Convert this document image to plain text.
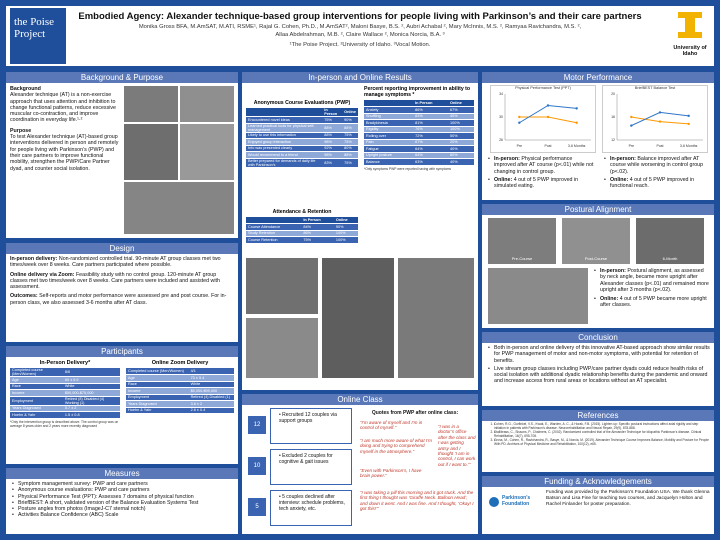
the Poise Project
Embodied Agency: Alexander technique-based group interventions for people living with Parkinson’s and their care partners
Monika Gross BFA, M.AmSAT, M.ATI, RSME¹, Rajal G. Cohen, Ph.D., M.AmSAT², Maloni Basye, B.S. ², Aubri Achabal ², Mary McInnis, M.S. ², Ramyaa Ravichandra, M.S. ²,
Allaa Abdelrahman, M.B. ², Claire Wallace ², Monica Norcia, B.A. ³
¹The Poise Project. ²University of Idaho. ³Vocal Motion.	University of Idaho
Background & Purpose
Background
Alexander technique (AT) is a non-exercise approach that uses attention and inhibition to change functional patterns, reduce excessive muscular co-contraction, and improve coordination in everyday life.¹·²
Purpose
To test Alexander technique (AT)-based group interventions delivered in person and remotely for people living with Parkinson’s (PWP) and their care partners to improve functional mobility, strengthen the PWP/Care Partner dyad, and counter social isolation.
Design

In-person delivery: Non-randomized controlled trial. 90-minute AT group classes met two times/week over 8 weeks. Care partners participated where possible.

Online delivery via Zoom: Feasibility study with no control group. 120-minute AT group classes met two times/week over 8 weeks. Care partners were included and assisted with assessment.

Outcomes: Self-reports and motor performance were assessed pre and post course. For in-person class, we also assessed 3-6 months after AT class.

Participants
In-Person Delivery*
Completed course (Men/Women)	8/6
Age	69 ± 5.9
Race	White
Income	$50,000-$75,000
Employment	Retired (8) Disabled (4) Working (1)
Years Diagnosed	5.7 ± 2
Hoehn & Yahr	1.5 ± 0.8
*Only the intervention group is described above. The control group was on average 8 years older and 2 years more recently diagnosed
Online Zoom Delivery
Completed course (Men/Women)	4/1
Age	73 ± 5.4
Race	White
Income	$5,000-$99,000
Employment	Retired (4) Disabled (1)
Years Diagnosed	3.6 ± 2
Hoehn & Yahr	2.6 ± 0.4
Measures
• Symptom management survey: PWP and care partners
• Anonymous course evaluations: PWP and care partners
• Physical Performance Test (PPT): Assesses 7 domains of physical function
• BriefBEST: A short, validated version of the Balance Evaluation Systems Test
• Posture angles from photos (ImageJ-C7 sternal notch)
• Activities Balance Confidence (ABC) Scale
In-person and Online Results
Anonymous Course Evaluations (PWP)
	In Person	Online
Encountered novel ideas	75%	90%
Learned practical tools for physical self-management	88%	88%
Likely to use this information	88%	75%
Enjoyed group interaction	98%	75%
Info was presented clearly	92%	80%
Would recommend to a friend	98%	88%
Better prepared for demands of daily life with Parkinson’s	83%	75%
Attendance & Retention
	In Person	Online
Course Attendance	84%	90%
Study Retention	86%	100%
Course Retention	75%	100%
Percent reporting improvement in ability to manage symptoms *
	In Person	Online
Anxiety	86%	67%
Shuffling	83%	40%
Bradykinesia	81%	100%
Rigidity	76%	100%
Rolling over	72%	50%
Pain	67%	20%
Fatigue	64%	40%
Upright posture	64%	80%
Balance	63%	40%
*Only symptoms PWP were reported having with symptoms
Online Class
12
• Recruited 12 couples via support groups
10
• Excluded 2 couples for cognitive & gait issues
5
• 5 couples declined after interview: schedule problems, tech anxiety, etc.
Quotes from PWP after online class:
“I’m aware of myself and I’m in control of myself.”
“I am much more aware of what I’m doing and trying to comprehend myself in the atmosphere.”
“Even with Parkinson’s, I have brain power.”
“I was taking a pill this morning and it got stuck. And the first thing I thought was ‘Giraffe Neck. Balloon Head’, and down it went. And I was fine. And I thought, ‘Okay! I got this!’”
“I was in a doctor’s office after the class and I was getting antsy and I thought ‘I am in control, I can work out if I want to.’”
Motor Performance
Physical Performance Test (PPT)
Pre	Post	3-6 Months
26
30
34
BriefBEST Balance Test
Pre	Post	3-6 Months
12
16
20
• In-person: Physical performance improved after AT course (p<.01) while not changing in control group.
• Online: 4 out of 5 PWP improved in simulated eating.
• In-person: Balance improved after AT course while worsening in control group (p<.02).
• Online: 4 out of 5 PWP improved in functional reach.
Postural Alignment
Pre-Course	Post-Course	6-Month
• In-person: Postural alignment, as assessed by neck angle, became more upright after Alexander classes (p<.01) and remained more upright after 3 months (p<.02).
• Online: 4 out of 5 PWP became more upright after classes.
Conclusion
• Both in-person and online delivery of this innovative AT-based approach show similar results for PWP management of motor and non-motor symptoms, with potential for retention of benefits.
• Live stream group classes including PWP/care partner dyads could reduce health risks of social isolation with additional dyadic relationship benefits during the pandemic and onward and increase access from rural areas or locations without an AT specialist.
References
• 1. Cohen, R.G., Gurfinkel, V.S., Kwak, E., Warden, A. C., & Horak, F.B. (2015). Lighten up: Specific postural instructions affect axial rigidity and step initiation in patients with Parkinson's disease. Neurorehabilitation and Neural Repair, 29(9), 878-888.
• 2. Stallibrass, C., Sissons, P., Chalmers, C. (2002). Randomized controlled trial of the Alexander Technique for idiopathic Parkinson's disease. Clinical Rehabilitation, 16(7), 695-708.
• 3. Gross, M., Cohen, R., Ravichandra, R., Basye, M., & Norcia, M. (2019). Alexander Technique Course Improves Balance, Mobility and Posture for People With PD. Archives of Physical Medicine and Rehabilitation, 100(12), e65.
Funding & Acknowledgements
Parkinson’s Foundation
Funding was provided by the Parkinson’s Foundation USA. We thank Glenna Batson and Lisa Fine for teaching two courses, and Jacquelyn Holton and Rachel Finlander for poster preparation.
